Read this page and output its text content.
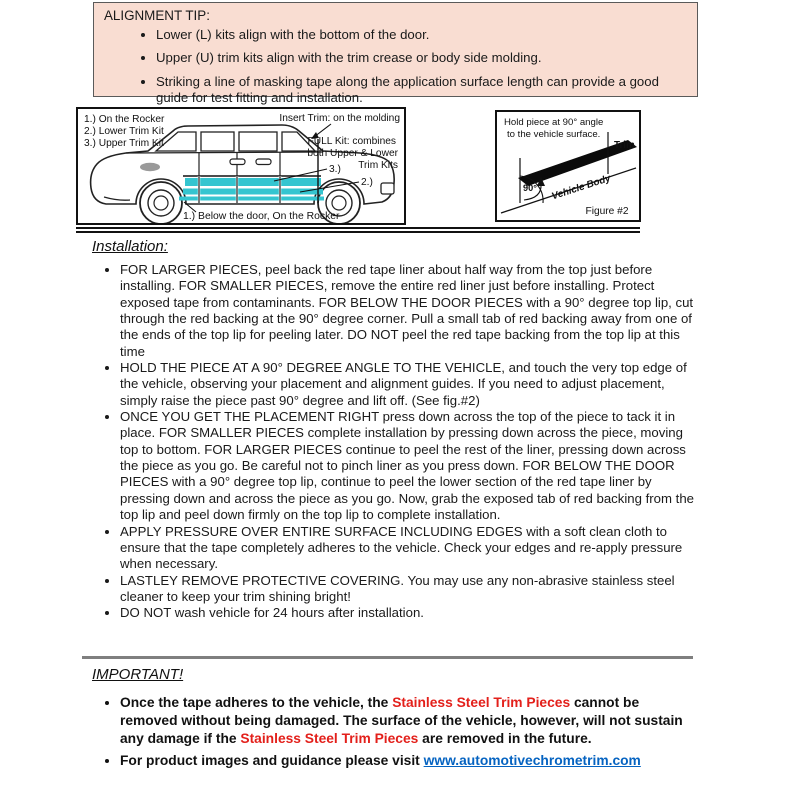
ALIGNMENT TIP:
• Lower (L) kits align with the bottom of the door.
• Upper (U) trim kits align with the trim crease or body side molding.
• Striking a line of masking tape along the application surface length can provide a good guide for test fitting and installation.
1.) On the Rocker
2.) Lower Trim Kit
3.) Upper Trim Kit
Insert Trim: on the molding
FULL Kit: combines
both Upper & Lower
Trim Kits
3.)
2.)
1.) Below the door, On the Rocker
Hold piece at 90° angle
to the vehicle surface.
Trim
90° Vehicle Body
Figure #2
Installation:
• FOR LARGER PIECES, peel back the red tape liner about half way from the top just before installing. FOR SMALLER PIECES, remove the entire red liner just before installing. Protect exposed tape from contaminants. FOR BELOW THE DOOR PIECES with a 90° degree top lip, cut through the red backing at the 90° degree corner. Pull a small tab of red backing away from one of the ends of the top lip for peeling later. DO NOT peel the red tape backing from the top lip at this time
• HOLD THE PIECE AT A 90° DEGREE ANGLE TO THE VEHICLE, and touch the very top edge of the vehicle, observing your placement and alignment guides. If you need to adjust placement, simply raise the piece past 90° degree and lift off. (See fig.#2)
• ONCE YOU GET THE PLACEMENT RIGHT press down across the top of the piece to tack it in place. FOR SMALLER PIECES complete installation by pressing down across the piece, moving top to bottom. FOR LARGER PIECES continue to peel the rest of the liner, pressing down across the piece as you go. Be careful not to pinch liner as you press down. FOR BELOW THE DOOR PIECES with a 90° degree top lip, continue to peel the lower section of the red tape liner by pressing down and across the piece as you go. Now, grab the exposed tab of red backing from the top lip and peel down firmly on the top lip to complete installation.
• APPLY PRESSURE OVER ENTIRE SURFACE INCLUDING EDGES with a soft clean cloth to ensure that the tape completely adheres to the vehicle. Check your edges and re-apply pressure when necessary.
• LASTLEY REMOVE PROTECTIVE COVERING. You may use any non-abrasive stainless steel cleaner to keep your trim shining bright!
• DO NOT wash vehicle for 24 hours after installation.
IMPORTANT!
• Once the tape adheres to the vehicle, the Stainless Steel Trim Pieces cannot be removed without being damaged. The surface of the vehicle, however, will not sustain any damage if the Stainless Steel Trim Pieces are removed in the future.
• For product images and guidance please visit www.automotivechrometrim.com
